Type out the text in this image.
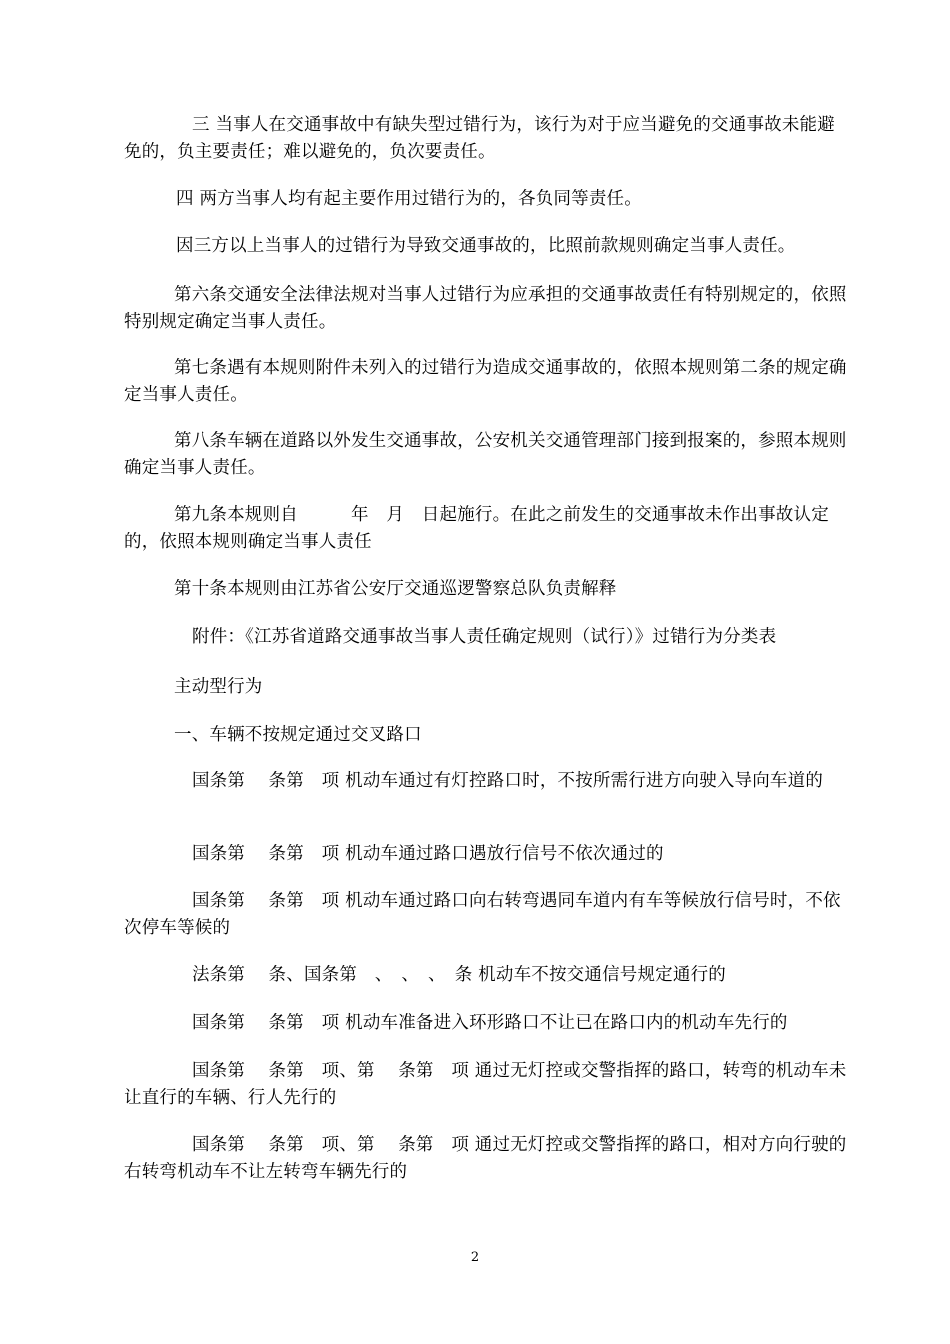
三 当事人在交通事故中有缺失型过错行为，该行为对于应当避免的交通事故未能避免的，负主要责任；难以避免的，负次要责任。

四 两方当事人均有起主要作用过错行为的，各负同等责任。

因三方以上当事人的过错行为导致交通事故的，比照前款规则确定当事人责任。

第六条交通安全法律法规对当事人过错行为应承担的交通事故责任有特别规定的，依照特别规定确定当事人责任。

第七条遇有本规则附件未列入的过错行为造成交通事故的，依照本规则第二条的规定确定当事人责任。

第八条车辆在道路以外发生交通事故，公安机关交通管理部门接到报案的，参照本规则确定当事人责任。

第九条本规则自　　　年　月　日起施行。在此之前发生的交通事故未作出事故认定的，依照本规则确定当事人责任

第十条本规则由江苏省公安厅交通巡逻警察总队负责解释

附件：《江苏省道路交通事故当事人责任确定规则（试行）》过错行为分类表

主动型行为

一、车辆不按规定通过交叉路口

国条第　 条第　项 机动车通过有灯控路口时，不按所需行进方向驶入导向车道的

国条第　 条第　项 机动车通过路口遇放行信号不依次通过的

国条第　 条第　项 机动车通过路口向右转弯遇同车道内有车等候放行信号时，不依次停车等候的

法条第　 条、国条第　、　、　、　条 机动车不按交通信号规定通行的

国条第　 条第　项 机动车准备进入环形路口不让已在路口内的机动车先行的

国条第　 条第　项、第　 条第　项 通过无灯控或交警指挥的路口，转弯的机动车未让直行的车辆、行人先行的

国条第　 条第　项、第　 条第　项 通过无灯控或交警指挥的路口，相对方向行驶的右转弯机动车不让左转弯车辆先行的

2
